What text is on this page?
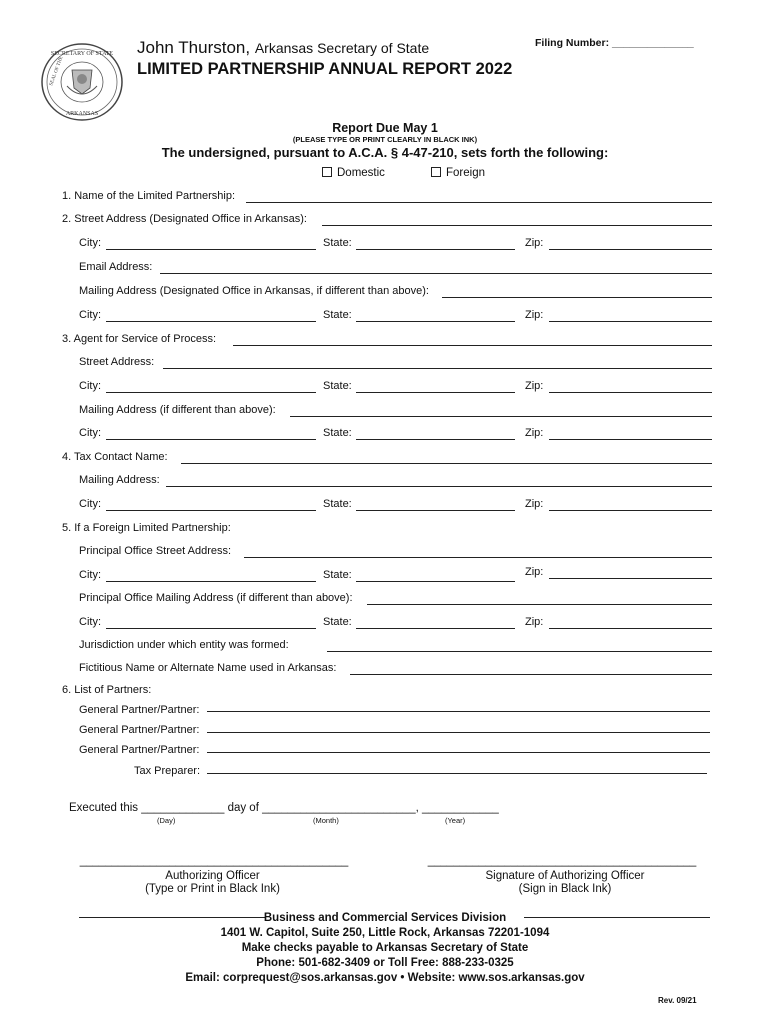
SECRETARY OF STATE
ARKANSAS
SEAL OF THE
John Thurston, Arkansas Secretary of State
LIMITED PARTNERSHIP ANNUAL REPORT 2022
Filing Number: ______________
Report Due May 1
(PLEASE TYPE OR PRINT CLEARLY IN BLACK INK)
The undersigned, pursuant to A.C.A. § 4-47-210, sets forth the following:
Domestic	Foreign
1. Name of the Limited Partnership:
2. Street Address (Designated Office in Arkansas):
City:	State:	Zip:
Email Address:
Mailing Address (Designated Office in Arkansas, if different than above):
City:	State:	Zip:
3. Agent for Service of Process:
Street Address:
City:	State:	Zip:
Mailing Address (if different than above):
City:	State:	Zip:
4. Tax Contact Name:
Mailing Address:
City:	State:	Zip:
5. If a Foreign Limited Partnership:
Principal Office Street Address:
City:	State:	Zip:
Principal Office Mailing Address (if different than above):
City:	State:	Zip:
Jurisdiction under which entity was formed:
Fictitious Name or Alternate Name used in Arkansas:
6. List of Partners:
General Partner/Partner:
General Partner/Partner:
General Partner/Partner:
Tax Preparer:
Executed this _____________ day of ________________________, ____________
(Day)	(Month)	(Year)
__________________________________________	__________________________________________
Authorizing Officer
(Type or Print in Black Ink)
Signature of Authorizing Officer
(Sign in Black Ink)
Business and Commercial Services Division
1401 W. Capitol, Suite 250, Little Rock, Arkansas 72201-1094
Make checks payable to Arkansas Secretary of State
Phone: 501-682-3409 or Toll Free: 888-233-0325
Email: corprequest@sos.arkansas.gov • Website: www.sos.arkansas.gov
Rev. 09/21
